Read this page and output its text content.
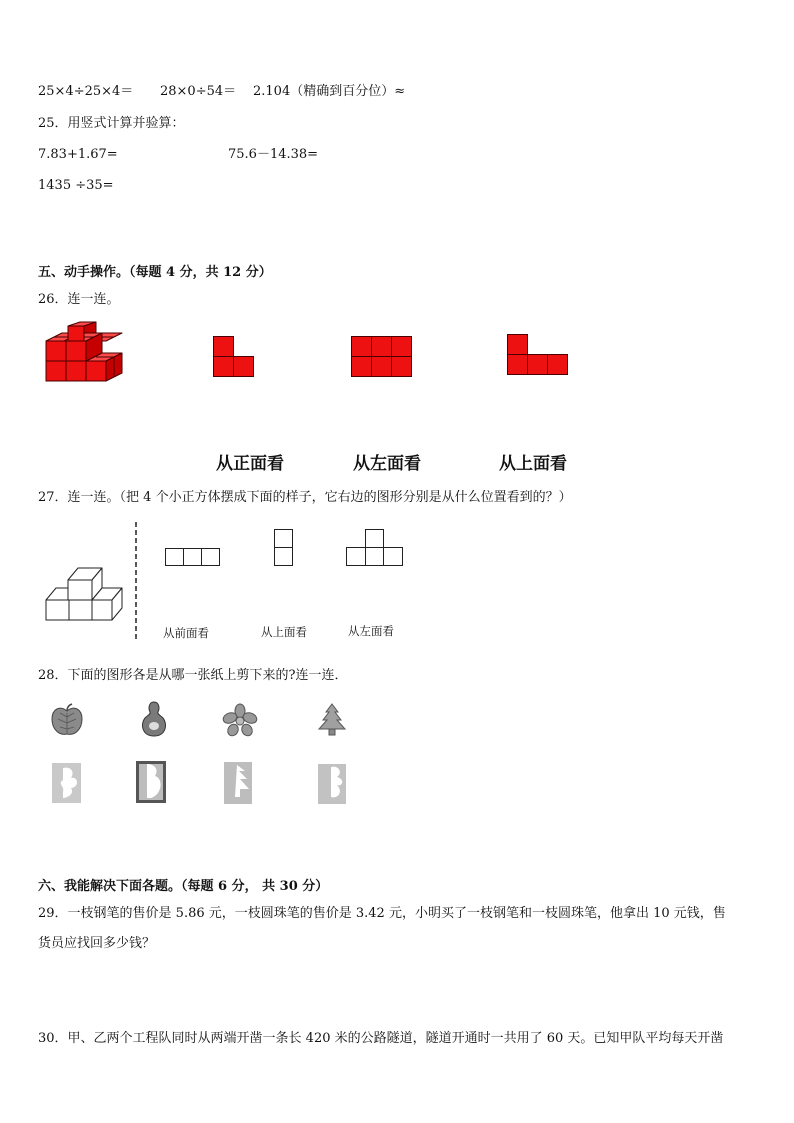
25×4÷25×4＝ 28×0÷54＝ 2.104（精确到百分位）≈
25．用竖式计算并验算：
7.83+1.67=	75.6－14.38=
1435 ÷35=
五、动手操作。（每题 4 分，共 12 分）
26．连一连。
从正面看	从左面看	从上面看
27．连一连。（把 4 个小正方体摆成下面的样子，它右边的图形分别是从什么位置看到的？）
从前面看	从上面看	从左面看
28．下面的图形各是从哪一张纸上剪下来的?连一连．
六、我能解决下面各题。（每题 6 分， 共 30 分）
29．一枝钢笔的售价是 5.86 元，一枝圆珠笔的售价是 3.42 元，小明买了一枝钢笔和一枝圆珠笔，他拿出 10 元钱，售
货员应找回多少钱？
30．甲、乙两个工程队同时从两端开凿一条长 420 米的公路隧道，隧道开通时一共用了 60 天。已知甲队平均每天开凿
